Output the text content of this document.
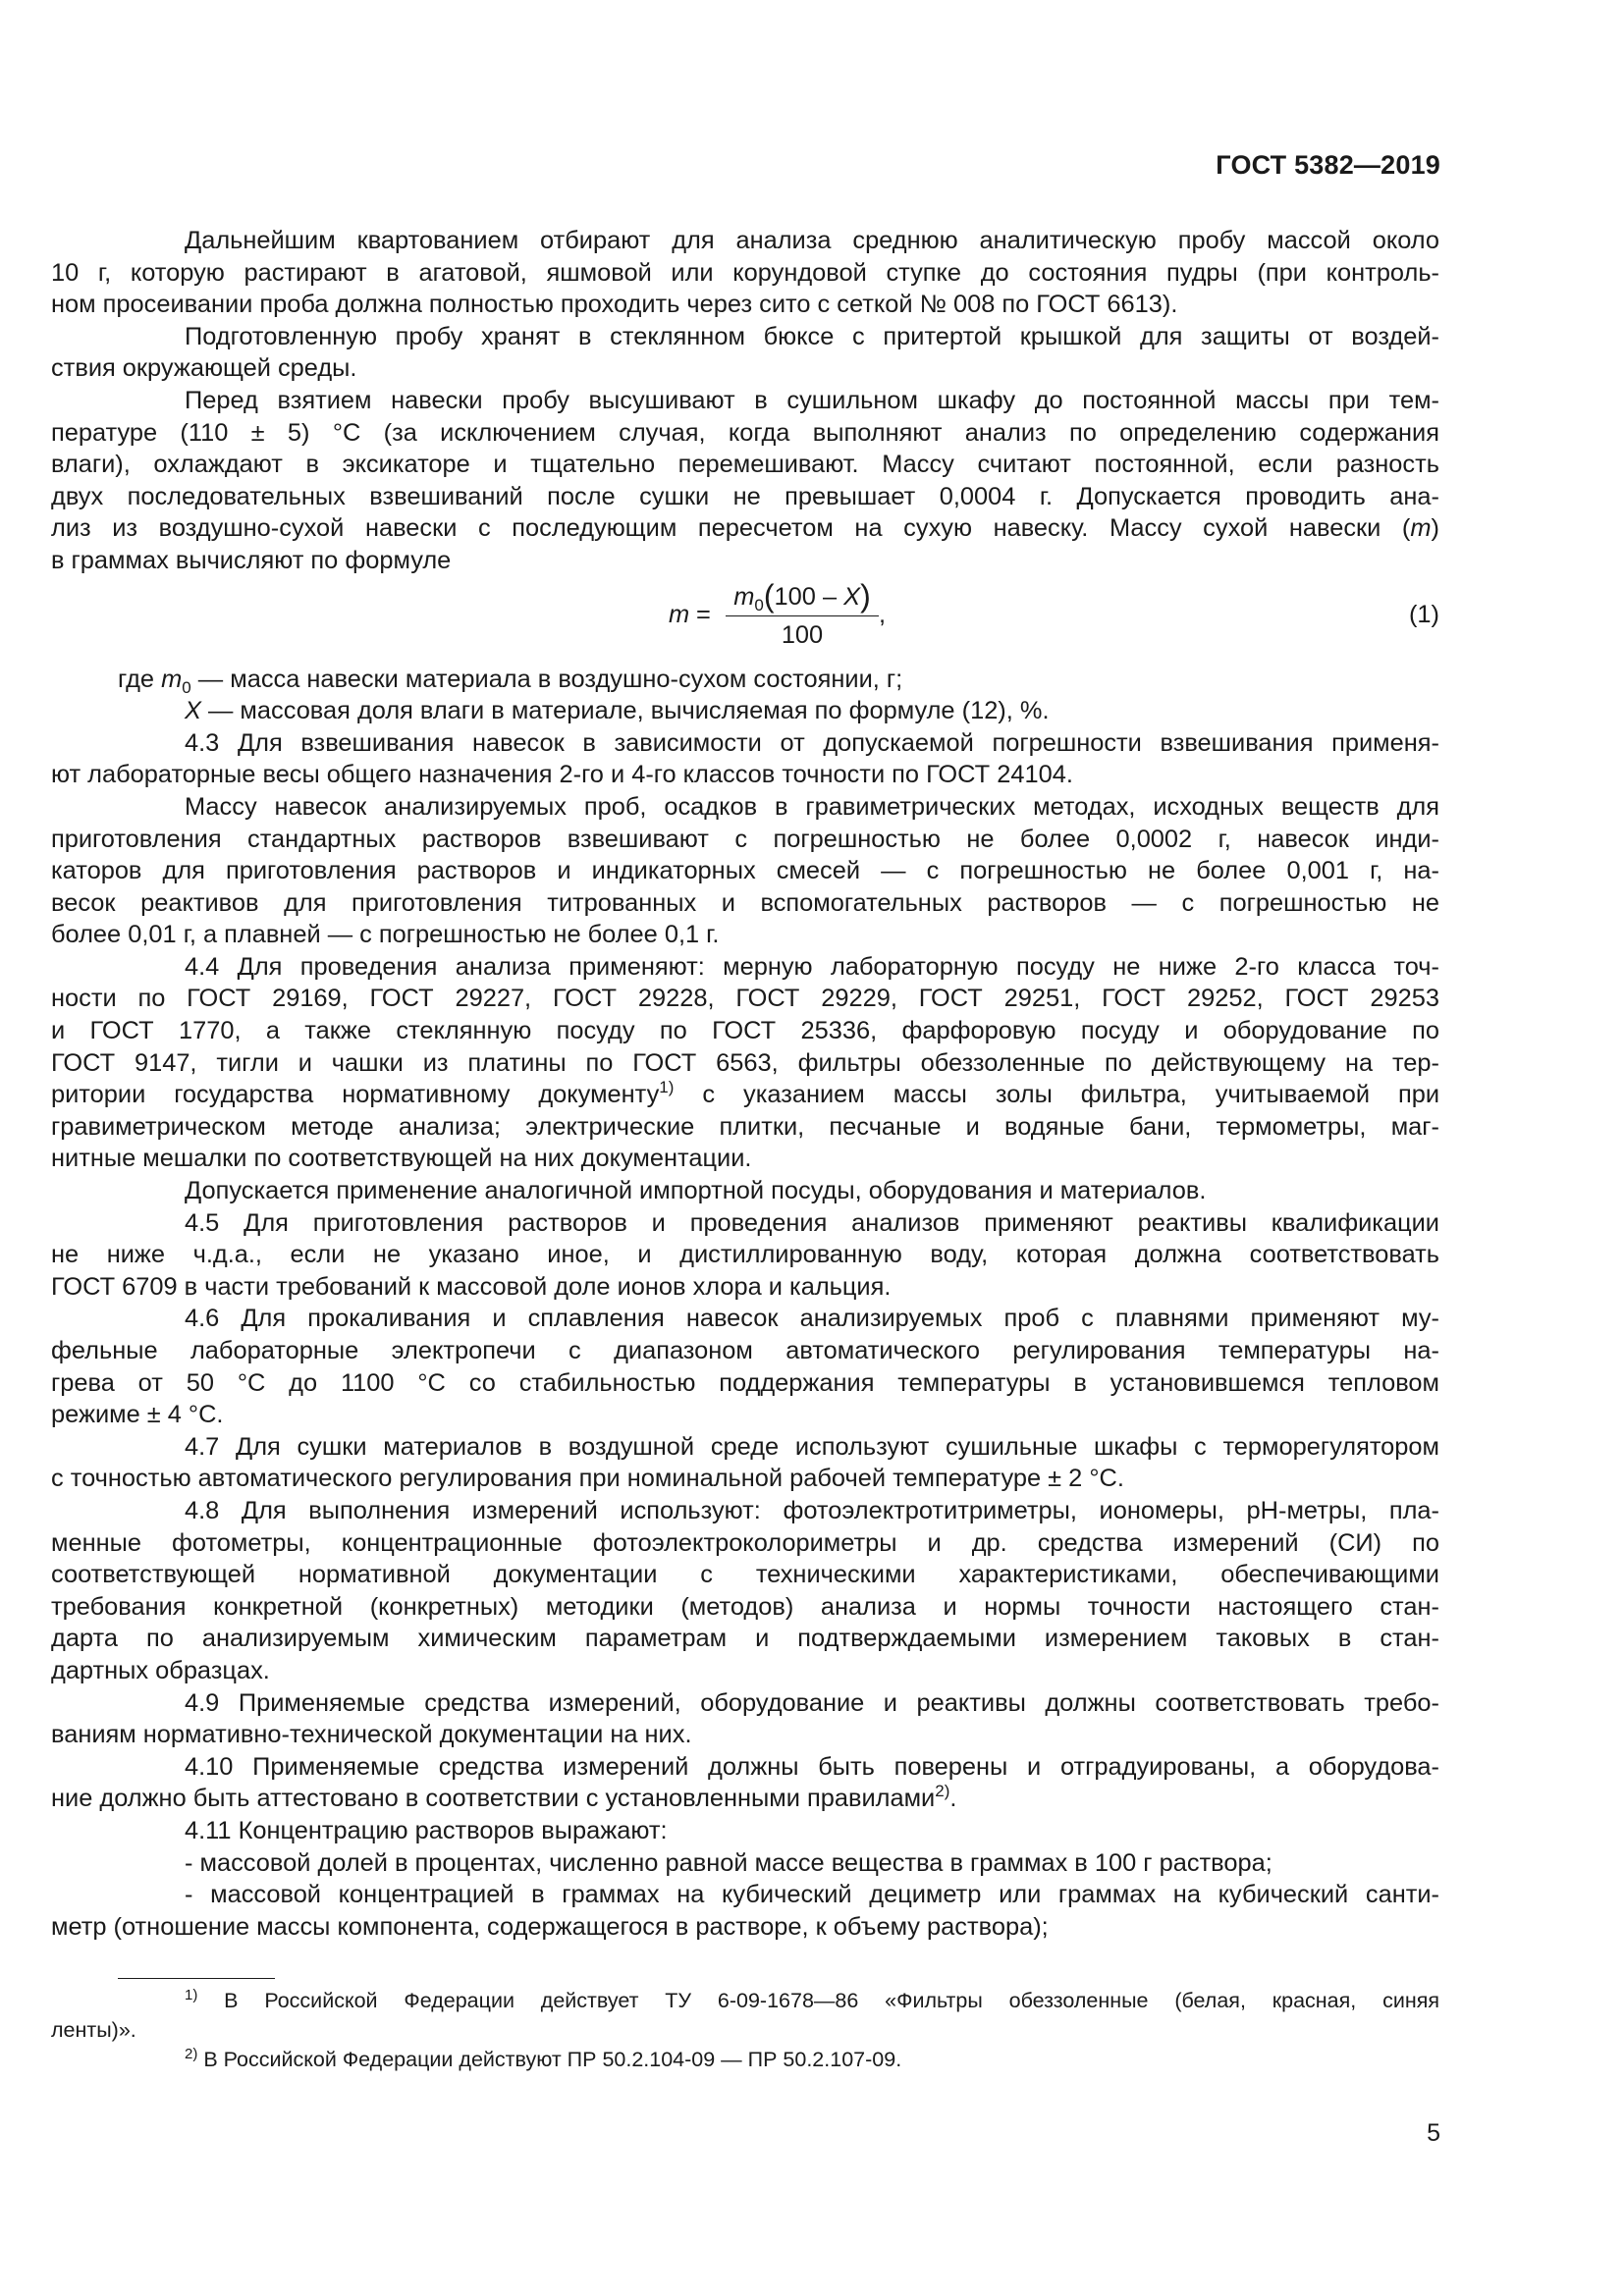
ГОСТ 5382—2019

Дальнейшим квартованием отбирают для анализа среднюю аналитическую пробу массой около
10 г, которую растирают в агатовой, яшмовой или корундовой ступке до состояния пудры (при контроль-
ном просеивании проба должна полностью проходить через сито с сеткой № 008 по ГОСТ 6613).

Подготовленную пробу хранят в стеклянном бюксе с притертой крышкой для защиты от воздей-
ствия окружающей среды.

Перед взятием навески пробу высушивают в сушильном шкафу до постоянной массы при тем-
пературе (110 ± 5) °С (за исключением случая, когда выполняют анализ по определению содержания
влаги), охлаждают в эксикаторе и тщательно перемешивают. Массу считают постоянной, если разность
двух последовательных взвешиваний после сушки не превышает 0,0004 г. Допускается проводить ана-
лиз из воздушно-сухой навески с последующим пересчетом на сухую навеску. Массу сухой навески (m)
в граммах вычисляют по формуле

m =
$m_0(100 - X)$
100
,	(1)

где $m_0$ — масса навески материала в воздушно-сухом состоянии, г;

X — массовая доля влаги в материале, вычисляемая по формуле (12), %.

4.3 Для взвешивания навесок в зависимости от допускаемой погрешности взвешивания применя-
ют лабораторные весы общего назначения 2-го и 4-го классов точности по ГОСТ 24104.

Массу навесок анализируемых проб, осадков в гравиметрических методах, исходных веществ для
приготовления стандартных растворов взвешивают с погрешностью не более 0,0002 г, навесок инди-
каторов для приготовления растворов и индикаторных смесей — с погрешностью не более 0,001 г, на-
весок реактивов для приготовления титрованных и вспомогательных растворов — с погрешностью не
более 0,01 г, а плавней — с погрешностью не более 0,1 г.

4.4 Для проведения анализа применяют: мерную лабораторную посуду не ниже 2-го класса точ-
ности по ГОСТ 29169, ГОСТ 29227, ГОСТ 29228, ГОСТ 29229, ГОСТ 29251, ГОСТ 29252, ГОСТ 29253
и ГОСТ 1770, а также стеклянную посуду по ГОСТ 25336, фарфоровую посуду и оборудование по
ГОСТ 9147, тигли и чашки из платины по ГОСТ 6563, фильтры обеззоленные по действующему на тер-
ритории государства нормативному документу$^{1)}$ с указанием массы золы фильтра, учитываемой при
гравиметрическом методе анализа; электрические плитки, песчаные и водяные бани, термометры, маг-
нитные мешалки по соответствующей на них документации.

Допускается применение аналогичной импортной посуды, оборудования и материалов.

4.5 Для приготовления растворов и проведения анализов применяют реактивы квалификации
не ниже ч.д.а., если не указано иное, и дистиллированную воду, которая должна соответствовать
ГОСТ 6709 в части требований к массовой доле ионов хлора и кальция.

4.6 Для прокаливания и сплавления навесок анализируемых проб с плавнями применяют му-
фельные лабораторные электропечи с диапазоном автоматического регулирования температуры на-
грева от 50 °С до 1100 °С со стабильностью поддержания температуры в установившемся тепловом
режиме ± 4 °С.

4.7 Для сушки материалов в воздушной среде используют сушильные шкафы с терморегулятором
с точностью автоматического регулирования при номинальной рабочей температуре ± 2 °С.

4.8 Для выполнения измерений используют: фотоэлектротитриметры, иономеры, рН-метры, пла-
менные фотометры, концентрационные фотоэлектроколориметры и др. средства измерений (СИ) по
соответствующей нормативной документации с техническими характеристиками, обеспечивающими
требования конкретной (конкретных) методики (методов) анализа и нормы точности настоящего стан-
дарта по анализируемым химическим параметрам и подтверждаемыми измерением таковых в стан-
дартных образцах.

4.9 Применяемые средства измерений, оборудование и реактивы должны соответствовать требо-
ваниям нормативно-технической документации на них.

4.10 Применяемые средства измерений должны быть поверены и отградуированы, а оборудова-
ние должно быть аттестовано в соответствии с установленными правилами$^{2)}$.

4.11 Концентрацию растворов выражают:

- массовой долей в процентах, численно равной массе вещества в граммах в 100 г раствора;

- массовой концентрацией в граммах на кубический дециметр или граммах на кубический санти-
метр (отношение массы компонента, содержащегося в растворе, к объему раствора);

$^{1)}$ В Российской Федерации действует ТУ 6-09-1678—86 «Фильтры обеззоленные (белая, красная, синяя
ленты)».

$^{2)}$ В Российской Федерации действуют ПР 50.2.104-09 — ПР 50.2.107-09.

5
